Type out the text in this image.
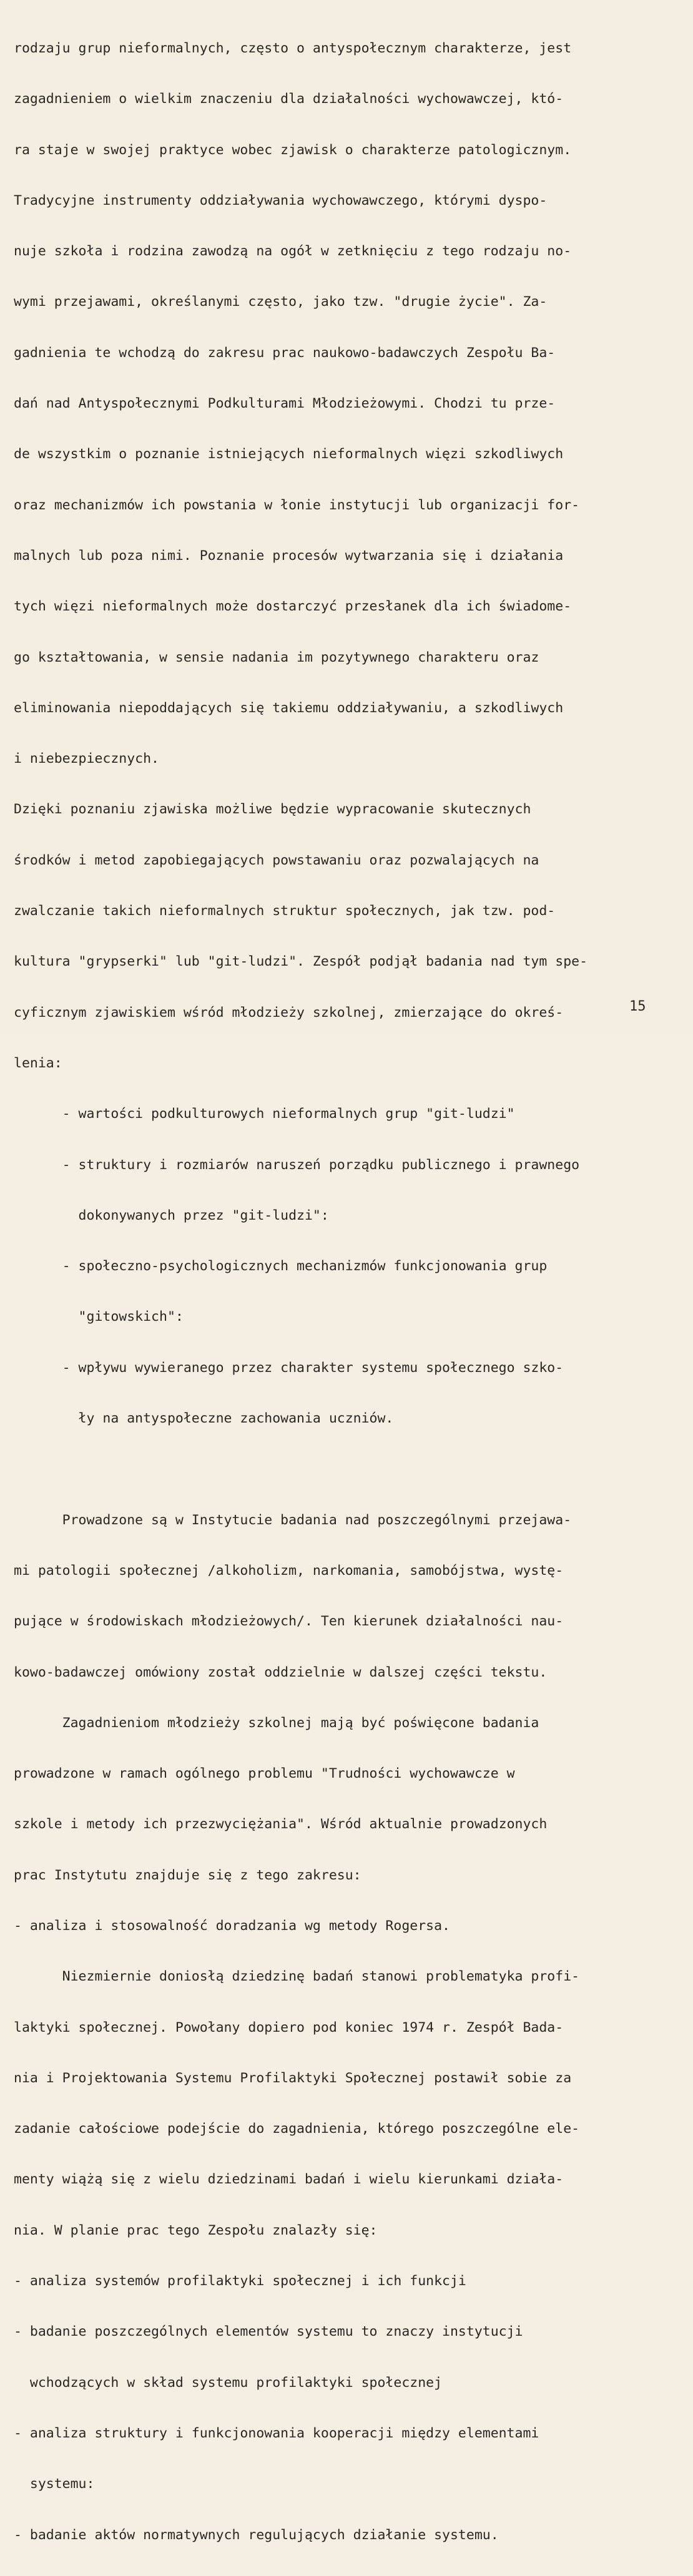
rodzaju grup nieformalnych, często o antyspołecznym charakterze, jest

zagadnieniem o wielkim znaczeniu dla działalności wychowawczej, któ-

ra staje w swojej praktyce wobec zjawisk o charakterze patologicznym.

Tradycyjne instrumenty oddziaływania wychowawczego, którymi dyspo-

nuje szkoła i rodzina zawodzą na ogół w zetknięciu z tego rodzaju no-

wymi przejawami, określanymi często, jako tzw. "drugie życie". Za-

gadnienia te wchodzą do zakresu prac naukowo-badawczych Zespołu Ba-

dań nad Antyspołecznymi Podkulturami Młodzieżowymi. Chodzi tu prze-

de wszystkim o poznanie istniejących nieformalnych więzi szkodliwych

oraz mechanizmów ich powstania w łonie instytucji lub organizacji for-

malnych lub poza nimi. Poznanie procesów wytwarzania się i działania

tych więzi nieformalnych może dostarczyć przesłanek dla ich świadome-

go kształtowania, w sensie nadania im pozytywnego charakteru oraz

eliminowania niepoddających się takiemu oddziaływaniu, a szkodliwych

i niebezpiecznych.

Dzięki poznaniu zjawiska możliwe będzie wypracowanie skutecznych

środków i metod zapobiegających powstawaniu oraz pozwalających na

zwalczanie takich nieformalnych struktur społecznych, jak tzw. pod-

kultura "grypserki" lub "git-ludzi". Zespół podjął badania nad tym spe-

cyficznym zjawiskiem wśród młodzieży szkolnej, zmierzające do okreś-

lenia:

- wartości podkulturowych nieformalnych grup "git-ludzi"

- struktury i rozmiarów naruszeń porządku publicznego i prawnego

dokonywanych przez "git-ludzi":

- społeczno-psychologicznych mechanizmów funkcjonowania grup

"gitowskich":

- wpływu wywieranego przez charakter systemu społecznego szko-

ły na antyspołeczne zachowania uczniów.

Prowadzone są w Instytucie badania nad poszczególnymi przejawa-

mi patologii społecznej /alkoholizm, narkomania, samobójstwa, wystę-

pujące w środowiskach młodzieżowych/. Ten kierunek działalności nau-

kowo-badawczej omówiony został oddzielnie w dalszej części tekstu.

Zagadnieniom młodzieży szkolnej mają być poświęcone badania

prowadzone w ramach ogólnego problemu "Trudności wychowawcze w

szkole i metody ich przezwyciężania". Wśród aktualnie prowadzonych

prac Instytutu znajduje się z tego zakresu:

- analiza i stosowalność doradzania wg metody Rogersa.

Niezmiernie doniosłą dziedzinę badań stanowi problematyka profi-

laktyki społecznej. Powołany dopiero pod koniec 1974 r. Zespół Bada-

nia i Projektowania Systemu Profilaktyki Społecznej postawił sobie za

zadanie całościowe podejście do zagadnienia, którego poszczególne ele-

menty wiążą się z wielu dziedzinami badań i wielu kierunkami działa-

nia. W planie prac tego Zespołu znalazły się:

- analiza systemów profilaktyki społecznej i ich funkcji

- badanie poszczególnych elementów systemu to znaczy instytucji

wchodzących w skład systemu profilaktyki społecznej

- analiza struktury i funkcjonowania kooperacji między elementami

systemu:

- badanie aktów normatywnych regulujących działanie systemu.

15
